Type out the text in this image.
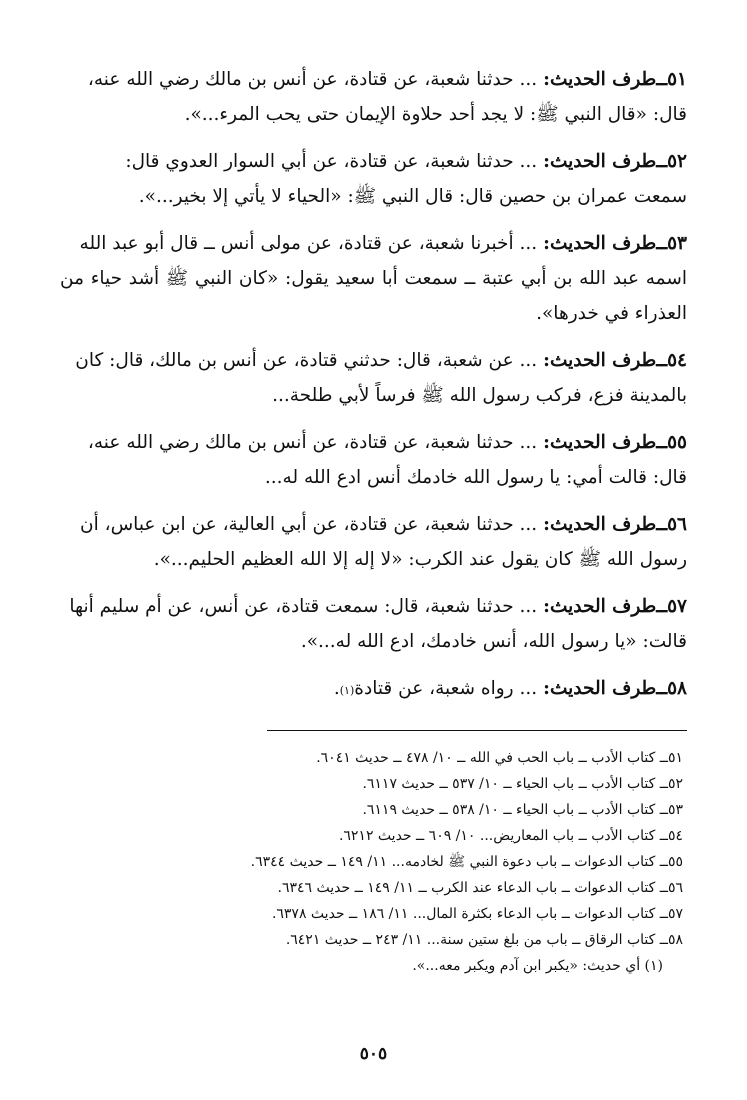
٥١ــ
طرف الحديث:
... حدثنا شعبة، عن قتادة، عن أنس بن مالك رضي الله عنه،
قال: «قال النبي ﷺ: لا يجد أحد حلاوة الإيمان حتى يحب المرء...».
٥٢ــ
طرف الحديث:
... حدثنا شعبة، عن قتادة، عن أبي السوار العدوي قال:
سمعت عمران بن حصين قال: قال النبي ﷺ: «الحياء لا يأتي إلا بخير...».
٥٣ــ
طرف الحديث:
... أخبرنا شعبة، عن قتادة، عن مولى أنس ــ قال أبو عبد الله
اسمه عبد الله بن أبي عتبة ــ سمعت أبا سعيد يقول: «كان النبي ﷺ أشد حياء من العذراء في خدرها».
٥٤ــ
طرف الحديث:
... عن شعبة، قال: حدثني قتادة، عن أنس بن مالك، قال: كان
بالمدينة فزع، فركب رسول الله ﷺ فرساً لأبي طلحة...
٥٥ــ
طرف الحديث:
... حدثنا شعبة، عن قتادة، عن أنس بن مالك رضي الله عنه،
قال: قالت أمي: يا رسول الله خادمك أنس ادع الله له...
٥٦ــ
طرف الحديث:
... حدثنا شعبة، عن قتادة، عن أبي العالية، عن ابن عباس، أن
رسول الله ﷺ كان يقول عند الكرب: «لا إله إلا الله العظيم الحليم...».
٥٧ــ
طرف الحديث:
... حدثنا شعبة، قال: سمعت قتادة، عن أنس، عن أم سليم أنها
قالت: «يا رسول الله، أنس خادمك، ادع الله له...».
٥٨ــ
طرف الحديث:
... رواه شعبة، عن قتادة
(١)
.
٥١ــ كتاب الأدب ــ باب الحب في الله ــ ١٠/ ٤٧٨ ــ حديث ٦٠٤١.
٥٢ــ كتاب الأدب ــ باب الحياء ــ ١٠/ ٥٣٧ ــ حديث ٦١١٧.
٥٣ــ كتاب الأدب ــ باب الحياء ــ ١٠/ ٥٣٨ ــ حديث ٦١١٩.
٥٤ــ كتاب الأدب ــ باب المعاريض... ١٠/ ٦٠٩ ــ حديث ٦٢١٢.
٥٥ــ كتاب الدعوات ــ باب دعوة النبي ﷺ لخادمه... ١١/ ١٤٩ ــ حديث ٦٣٤٤.
٥٦ــ كتاب الدعوات ــ باب الدعاء عند الكرب ــ ١١/ ١٤٩ ــ حديث ٦٣٤٦.
٥٧ــ كتاب الدعوات ــ باب الدعاء بكثرة المال... ١١/ ١٨٦ ــ حديث ٦٣٧٨.
٥٨ــ كتاب الرقاق ــ باب من بلغ ستين سنة... ١١/ ٢٤٣ ــ حديث ٦٤٢١.
(١) أي حديث: «يكبر ابن آدم ويكبر معه...».
٥٠٥
